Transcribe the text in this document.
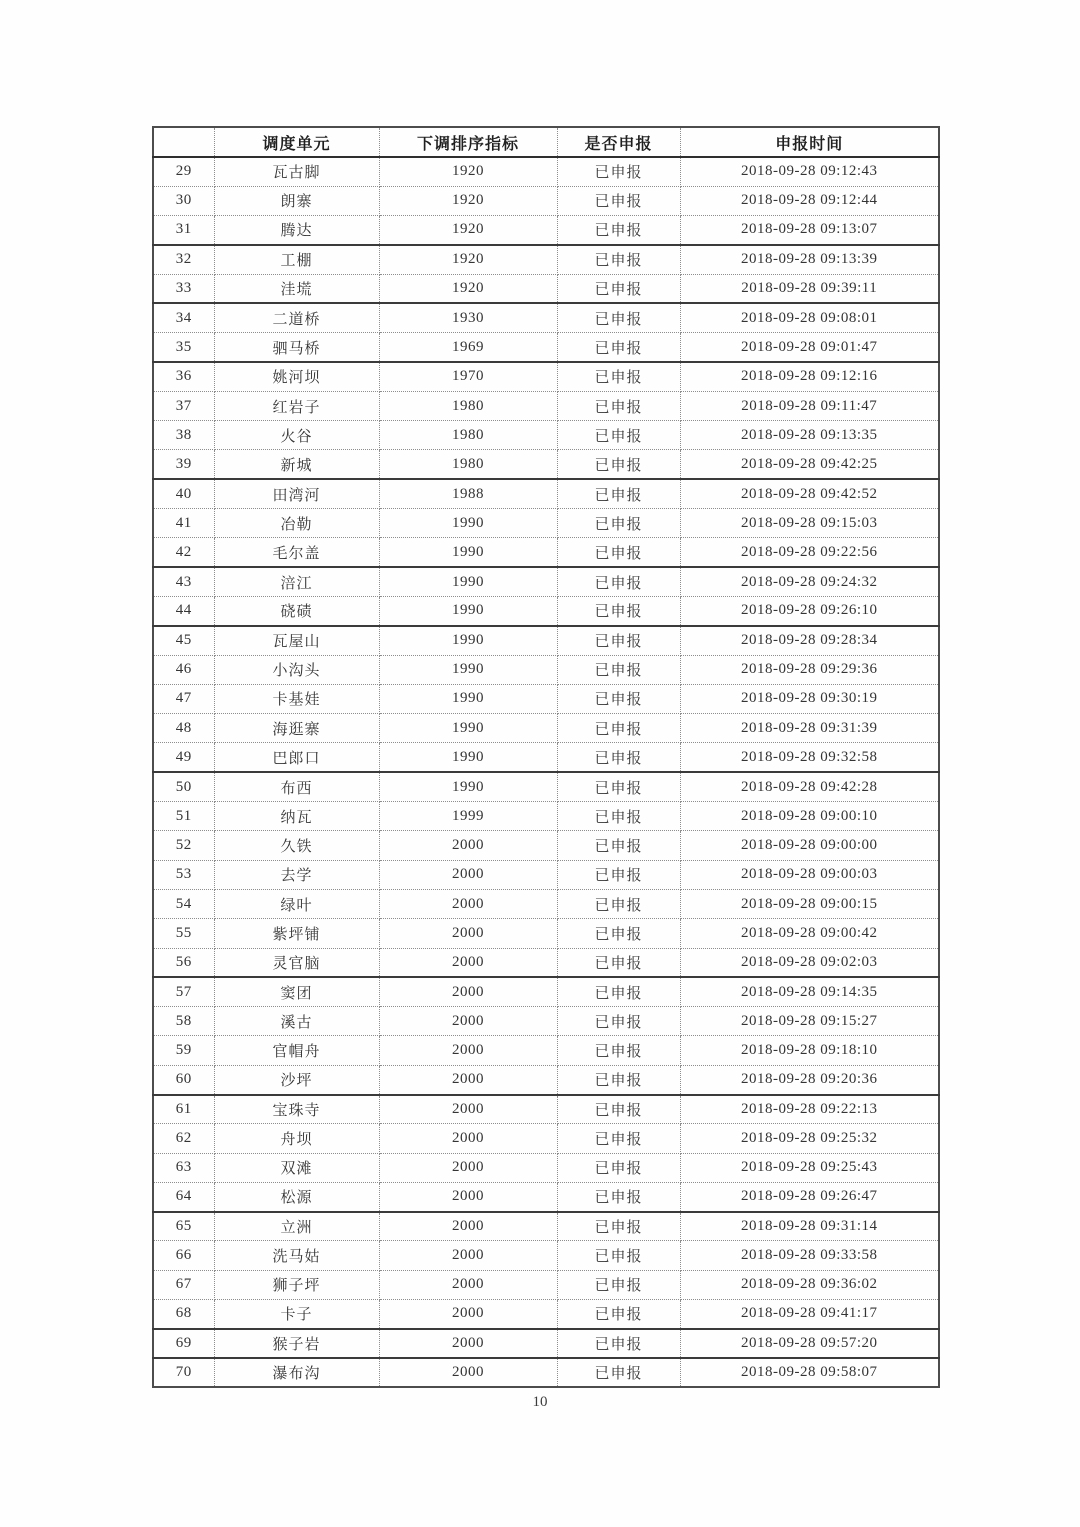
	调度单元	下调排序指标	是否申报	申报时间
29	瓦古脚	1920	已申报	2018-09-28 09:12:43
30	朗寨	1920	已申报	2018-09-28 09:12:44
31	腾达	1920	已申报	2018-09-28 09:13:07
32	工棚	1920	已申报	2018-09-28 09:13:39
33	洼塃	1920	已申报	2018-09-28 09:39:11
34	二道桥	1930	已申报	2018-09-28 09:08:01
35	驷马桥	1969	已申报	2018-09-28 09:01:47
36	姚河坝	1970	已申报	2018-09-28 09:12:16
37	红岩子	1980	已申报	2018-09-28 09:11:47
38	火谷	1980	已申报	2018-09-28 09:13:35
39	新城	1980	已申报	2018-09-28 09:42:25
40	田湾河	1988	已申报	2018-09-28 09:42:52
41	冶勒	1990	已申报	2018-09-28 09:15:03
42	毛尔盖	1990	已申报	2018-09-28 09:22:56
43	涪江	1990	已申报	2018-09-28 09:24:32
44	硗碛	1990	已申报	2018-09-28 09:26:10
45	瓦屋山	1990	已申报	2018-09-28 09:28:34
46	小沟头	1990	已申报	2018-09-28 09:29:36
47	卡基娃	1990	已申报	2018-09-28 09:30:19
48	海逛寨	1990	已申报	2018-09-28 09:31:39
49	巴郎口	1990	已申报	2018-09-28 09:32:58
50	布西	1990	已申报	2018-09-28 09:42:28
51	纳瓦	1999	已申报	2018-09-28 09:00:10
52	久铁	2000	已申报	2018-09-28 09:00:00
53	去学	2000	已申报	2018-09-28 09:00:03
54	绿叶	2000	已申报	2018-09-28 09:00:15
55	紫坪铺	2000	已申报	2018-09-28 09:00:42
56	灵官脑	2000	已申报	2018-09-28 09:02:03
57	窦团	2000	已申报	2018-09-28 09:14:35
58	溪古	2000	已申报	2018-09-28 09:15:27
59	官帽舟	2000	已申报	2018-09-28 09:18:10
60	沙坪	2000	已申报	2018-09-28 09:20:36
61	宝珠寺	2000	已申报	2018-09-28 09:22:13
62	舟坝	2000	已申报	2018-09-28 09:25:32
63	双滩	2000	已申报	2018-09-28 09:25:43
64	松源	2000	已申报	2018-09-28 09:26:47
65	立洲	2000	已申报	2018-09-28 09:31:14
66	洗马姑	2000	已申报	2018-09-28 09:33:58
67	狮子坪	2000	已申报	2018-09-28 09:36:02
68	卡子	2000	已申报	2018-09-28 09:41:17
69	猴子岩	2000	已申报	2018-09-28 09:57:20
70	瀑布沟	2000	已申报	2018-09-28 09:58:07
10
